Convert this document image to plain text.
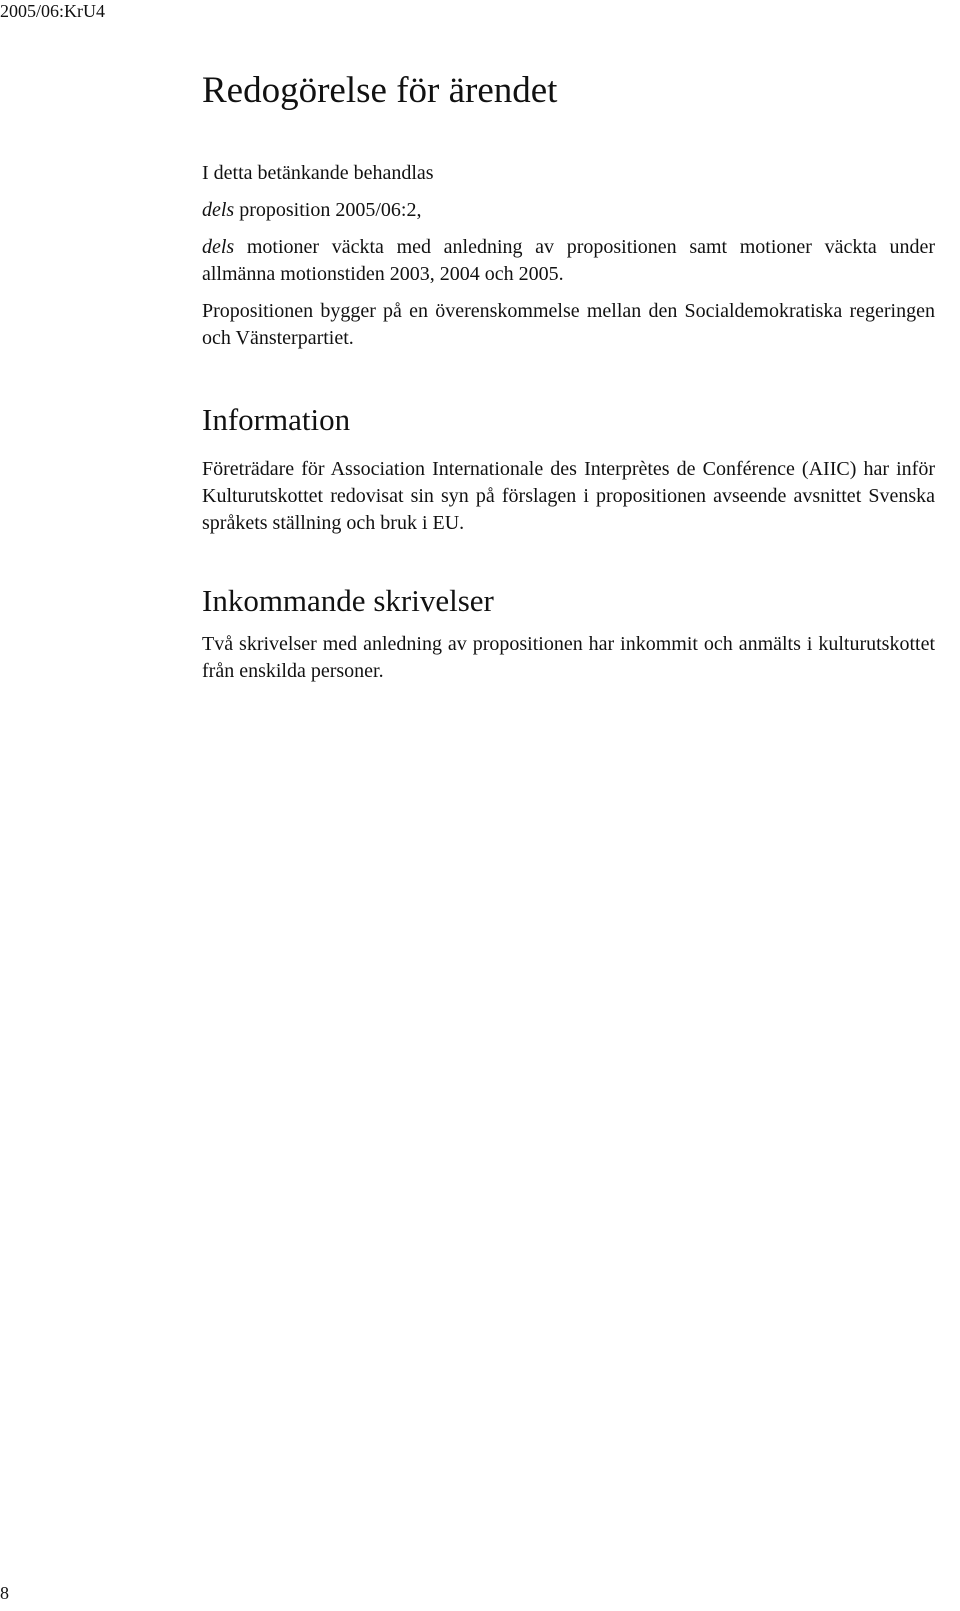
2005/06:KrU4
Redogörelse för ärendet

I detta betänkande behandlas

dels proposition 2005/06:2,

dels motioner väckta med anledning av propositionen samt motioner väckta under allmänna motionstiden 2003, 2004 och 2005.

Propositionen bygger på en överenskommelse mellan den Socialdemokratiska regeringen och Vänsterpartiet.

Information

Företrädare för Association Internationale des Interprètes de Conférence (AIIC) har inför Kulturutskottet redovisat sin syn på förslagen i propositionen avseende avsnittet Svenska språkets ställning och bruk i EU.

Inkommande skrivelser

Två skrivelser med anledning av propositionen har inkommit och anmälts i kulturutskottet från enskilda personer.

8
